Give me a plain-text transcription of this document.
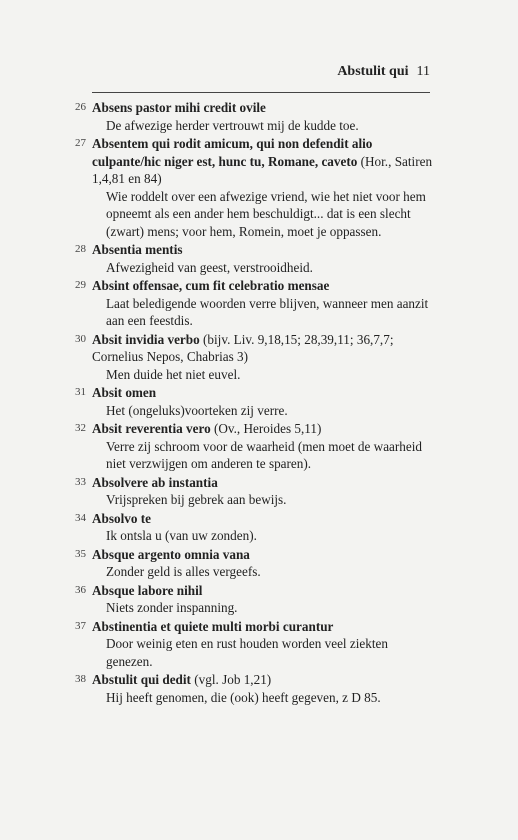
Abstulit qui 11
26 Absens pastor mihi credit ovile
De afwezige herder vertrouwt mij de kudde toe.
27 Absentem qui rodit amicum, qui non defendit alio culpante/hic niger est, hunc tu, Romane, caveto (Hor., Satiren 1,4,81 en 84)
Wie roddelt over een afwezige vriend, wie het niet voor hem opneemt als een ander hem beschuldigt... dat is een slecht (zwart) mens; voor hem, Romein, moet je oppassen.
28 Absentia mentis
Afwezigheid van geest, verstrooidheid.
29 Absint offensae, cum fit celebratio mensae
Laat beledigende woorden verre blijven, wanneer men aanzit aan een feestdis.
30 Absit invidia verbo (bijv. Liv. 9,18,15; 28,39,11; 36,7,7; Cornelius Nepos, Chabrias 3)
Men duide het niet euvel.
31 Absit omen
Het (ongeluks)voorteken zij verre.
32 Absit reverentia vero (Ov., Heroides 5,11)
Verre zij schroom voor de waarheid (men moet de waarheid niet verzwijgen om anderen te sparen).
33 Absolvere ab instantia
Vrijspreken bij gebrek aan bewijs.
34 Absolvo te
Ik ontsla u (van uw zonden).
35 Absque argento omnia vana
Zonder geld is alles vergeefs.
36 Absque labore nihil
Niets zonder inspanning.
37 Abstinentia et quiete multi morbi curantur
Door weinig eten en rust houden worden veel ziekten genezen.
38 Abstulit qui dedit (vgl. Job 1,21)
Hij heeft genomen, die (ook) heeft gegeven, z D 85.
